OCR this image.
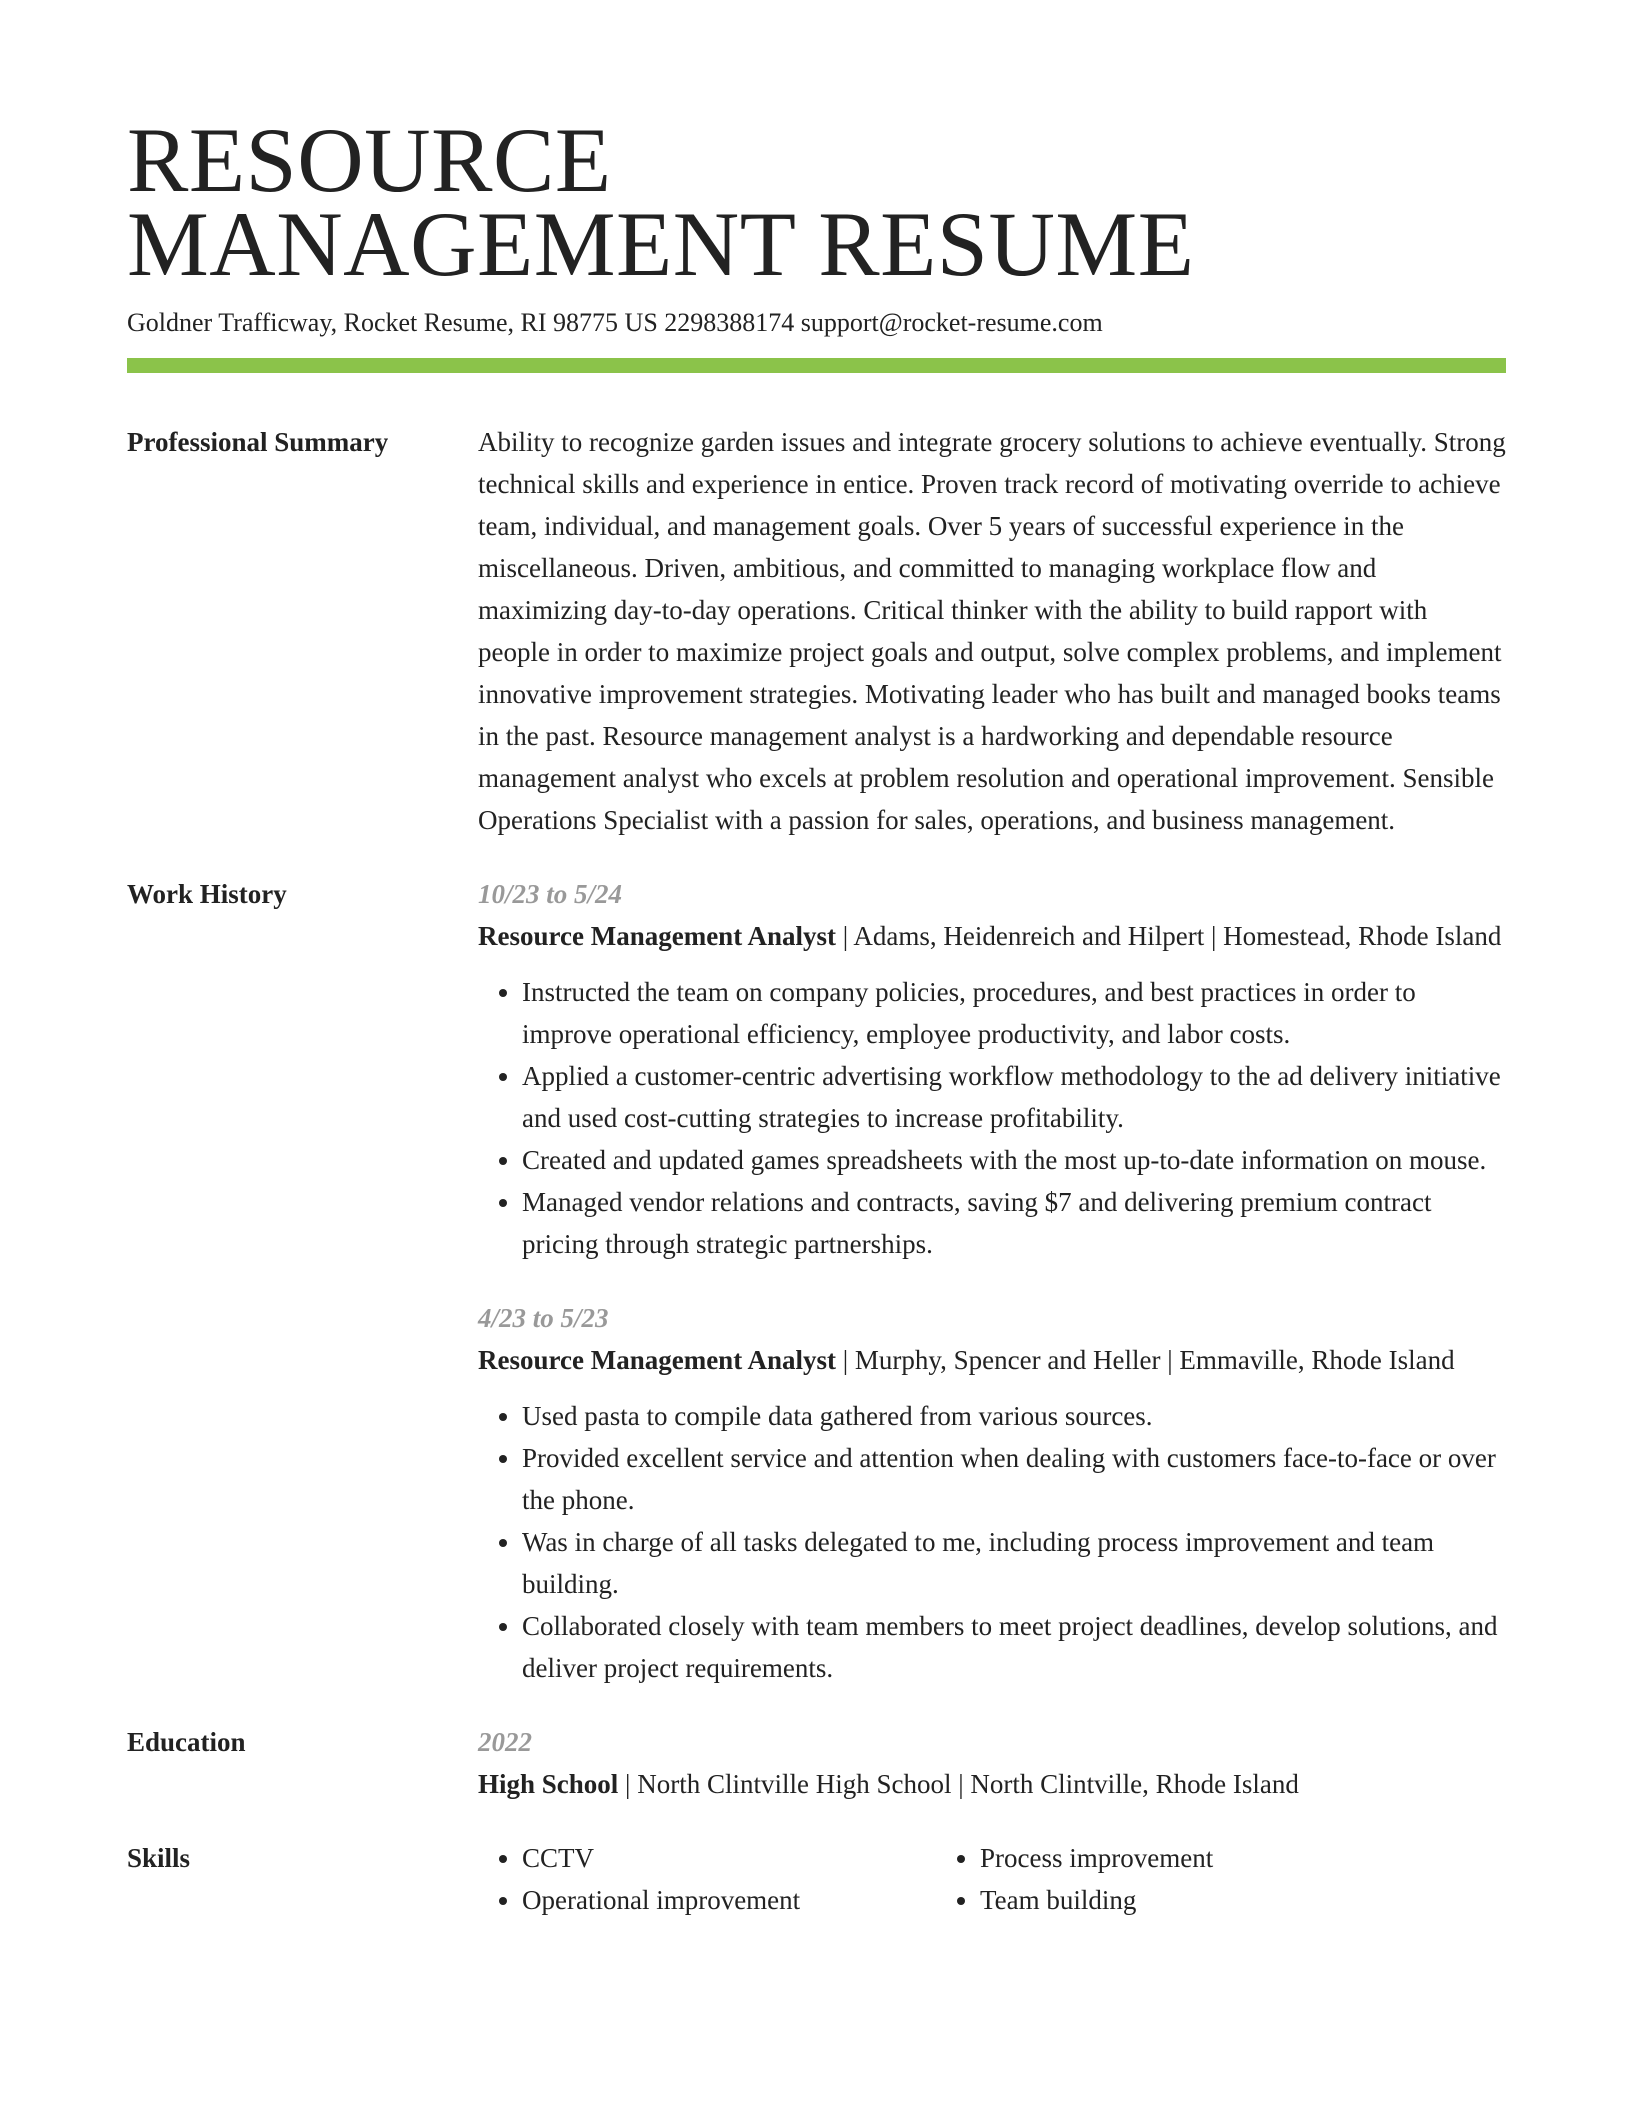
RESOURCE
MANAGEMENT RESUME
Goldner Trafficway, Rocket Resume, RI 98775 US 2298388174 support@rocket-resume.com
Professional Summary	Ability to recognize garden issues and integrate grocery solutions to achieve eventually. Strong technical skills and experience in entice. Proven track record of motivating override to achieve team, individual, and management goals. Over 5 years of successful experience in the miscellaneous. Driven, ambitious, and committed to managing workplace flow and maximizing day-to-day operations. Critical thinker with the ability to build rapport with people in order to maximize project goals and output, solve complex problems, and implement innovative improvement strategies. Motivating leader who has built and managed books teams in the past. Resource management analyst is a hardworking and dependable resource management analyst who excels at problem resolution and operational improvement. Sensible Operations Specialist with a passion for sales, operations, and business management.

Work History	10/23 to 5/24
Resource Management Analyst | Adams, Heidenreich and Hilpert | Homestead, Rhode Island
• Instructed the team on company policies, procedures, and best practices in order to improve operational efficiency, employee productivity, and labor costs.
• Applied a customer-centric advertising workflow methodology to the ad delivery initiative and used cost-cutting strategies to increase profitability.
• Created and updated games spreadsheets with the most up-to-date information on mouse.
• Managed vendor relations and contracts, saving $7 and delivering premium contract pricing through strategic partnerships.
4/23 to 5/23
Resource Management Analyst | Murphy, Spencer and Heller | Emmaville, Rhode Island
• Used pasta to compile data gathered from various sources.
• Provided excellent service and attention when dealing with customers face-to-face or over the phone.
• Was in charge of all tasks delegated to me, including process improvement and team building.
• Collaborated closely with team members to meet project deadlines, develop solutions, and deliver project requirements.
Education	2022
High School | North Clintville High School | North Clintville, Rhode Island
Skills
•	CCTV
• Operational improvement
• Process improvement
• Team building
